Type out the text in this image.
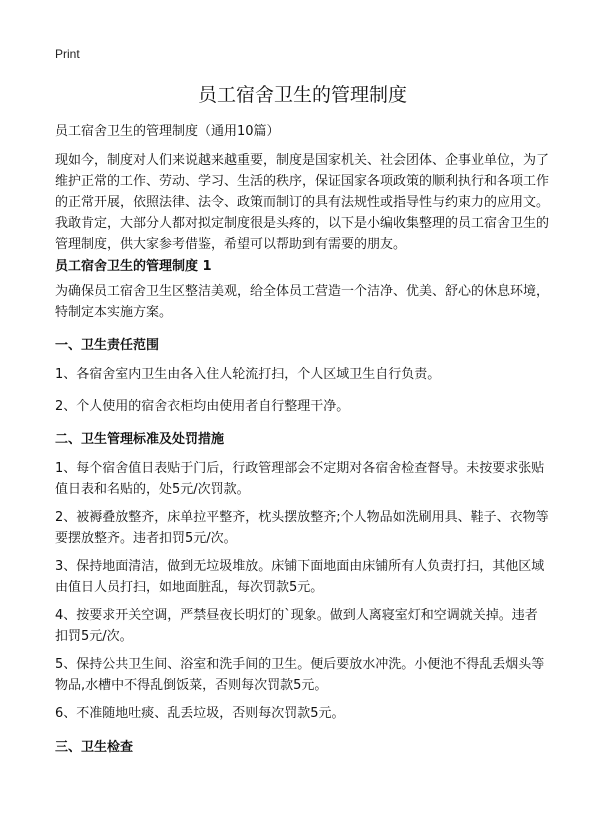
Print
员工宿舍卫生的管理制度

员工宿舍卫生的管理制度（通用10篇）

现如今，制度对人们来说越来越重要，制度是国家机关、社会团体、企事业单位，为了维护正常的工作、劳动、学习、生活的秩序，保证国家各项政策的顺利执行和各项工作的正常开展，依照法律、法令、政策而制订的具有法规性或指导性与约束力的应用文。我敢肯定，大部分人都对拟定制度很是头疼的，以下是小编收集整理的员工宿舍卫生的管理制度，供大家参考借鉴，希望可以帮助到有需要的朋友。

员工宿舍卫生的管理制度 1

为确保员工宿舍卫生区整洁美观，给全体员工营造一个洁净、优美、舒心的休息环境，特制定本实施方案。

一、卫生责任范围

1、各宿舍室内卫生由各入住人轮流打扫，个人区域卫生自行负责。

2、个人使用的宿舍衣柜均由使用者自行整理干净。

二、卫生管理标准及处罚措施

1、每个宿舍值日表贴于门后，行政管理部会不定期对各宿舍检查督导。未按要求张贴值日表和名贴的，处5元/次罚款。

2、被褥叠放整齐，床单拉平整齐，枕头摆放整齐;个人物品如洗刷用具、鞋子、衣物等要摆放整齐。违者扣罚5元/次。

3、保持地面清洁，做到无垃圾堆放。床铺下面地面由床铺所有人负责打扫，其他区域由值日人员打扫，如地面脏乱，每次罚款5元。

4、按要求开关空调，严禁昼夜长明灯的`现象。做到人离寝室灯和空调就关掉。违者扣罚5元/次。

5、保持公共卫生间、浴室和洗手间的卫生。便后要放水冲洗。小便池不得乱丢烟头等物品,水槽中不得乱倒饭菜，否则每次罚款5元。

6、不准随地吐痰、乱丢垃圾，否则每次罚款5元。

三、卫生检查
